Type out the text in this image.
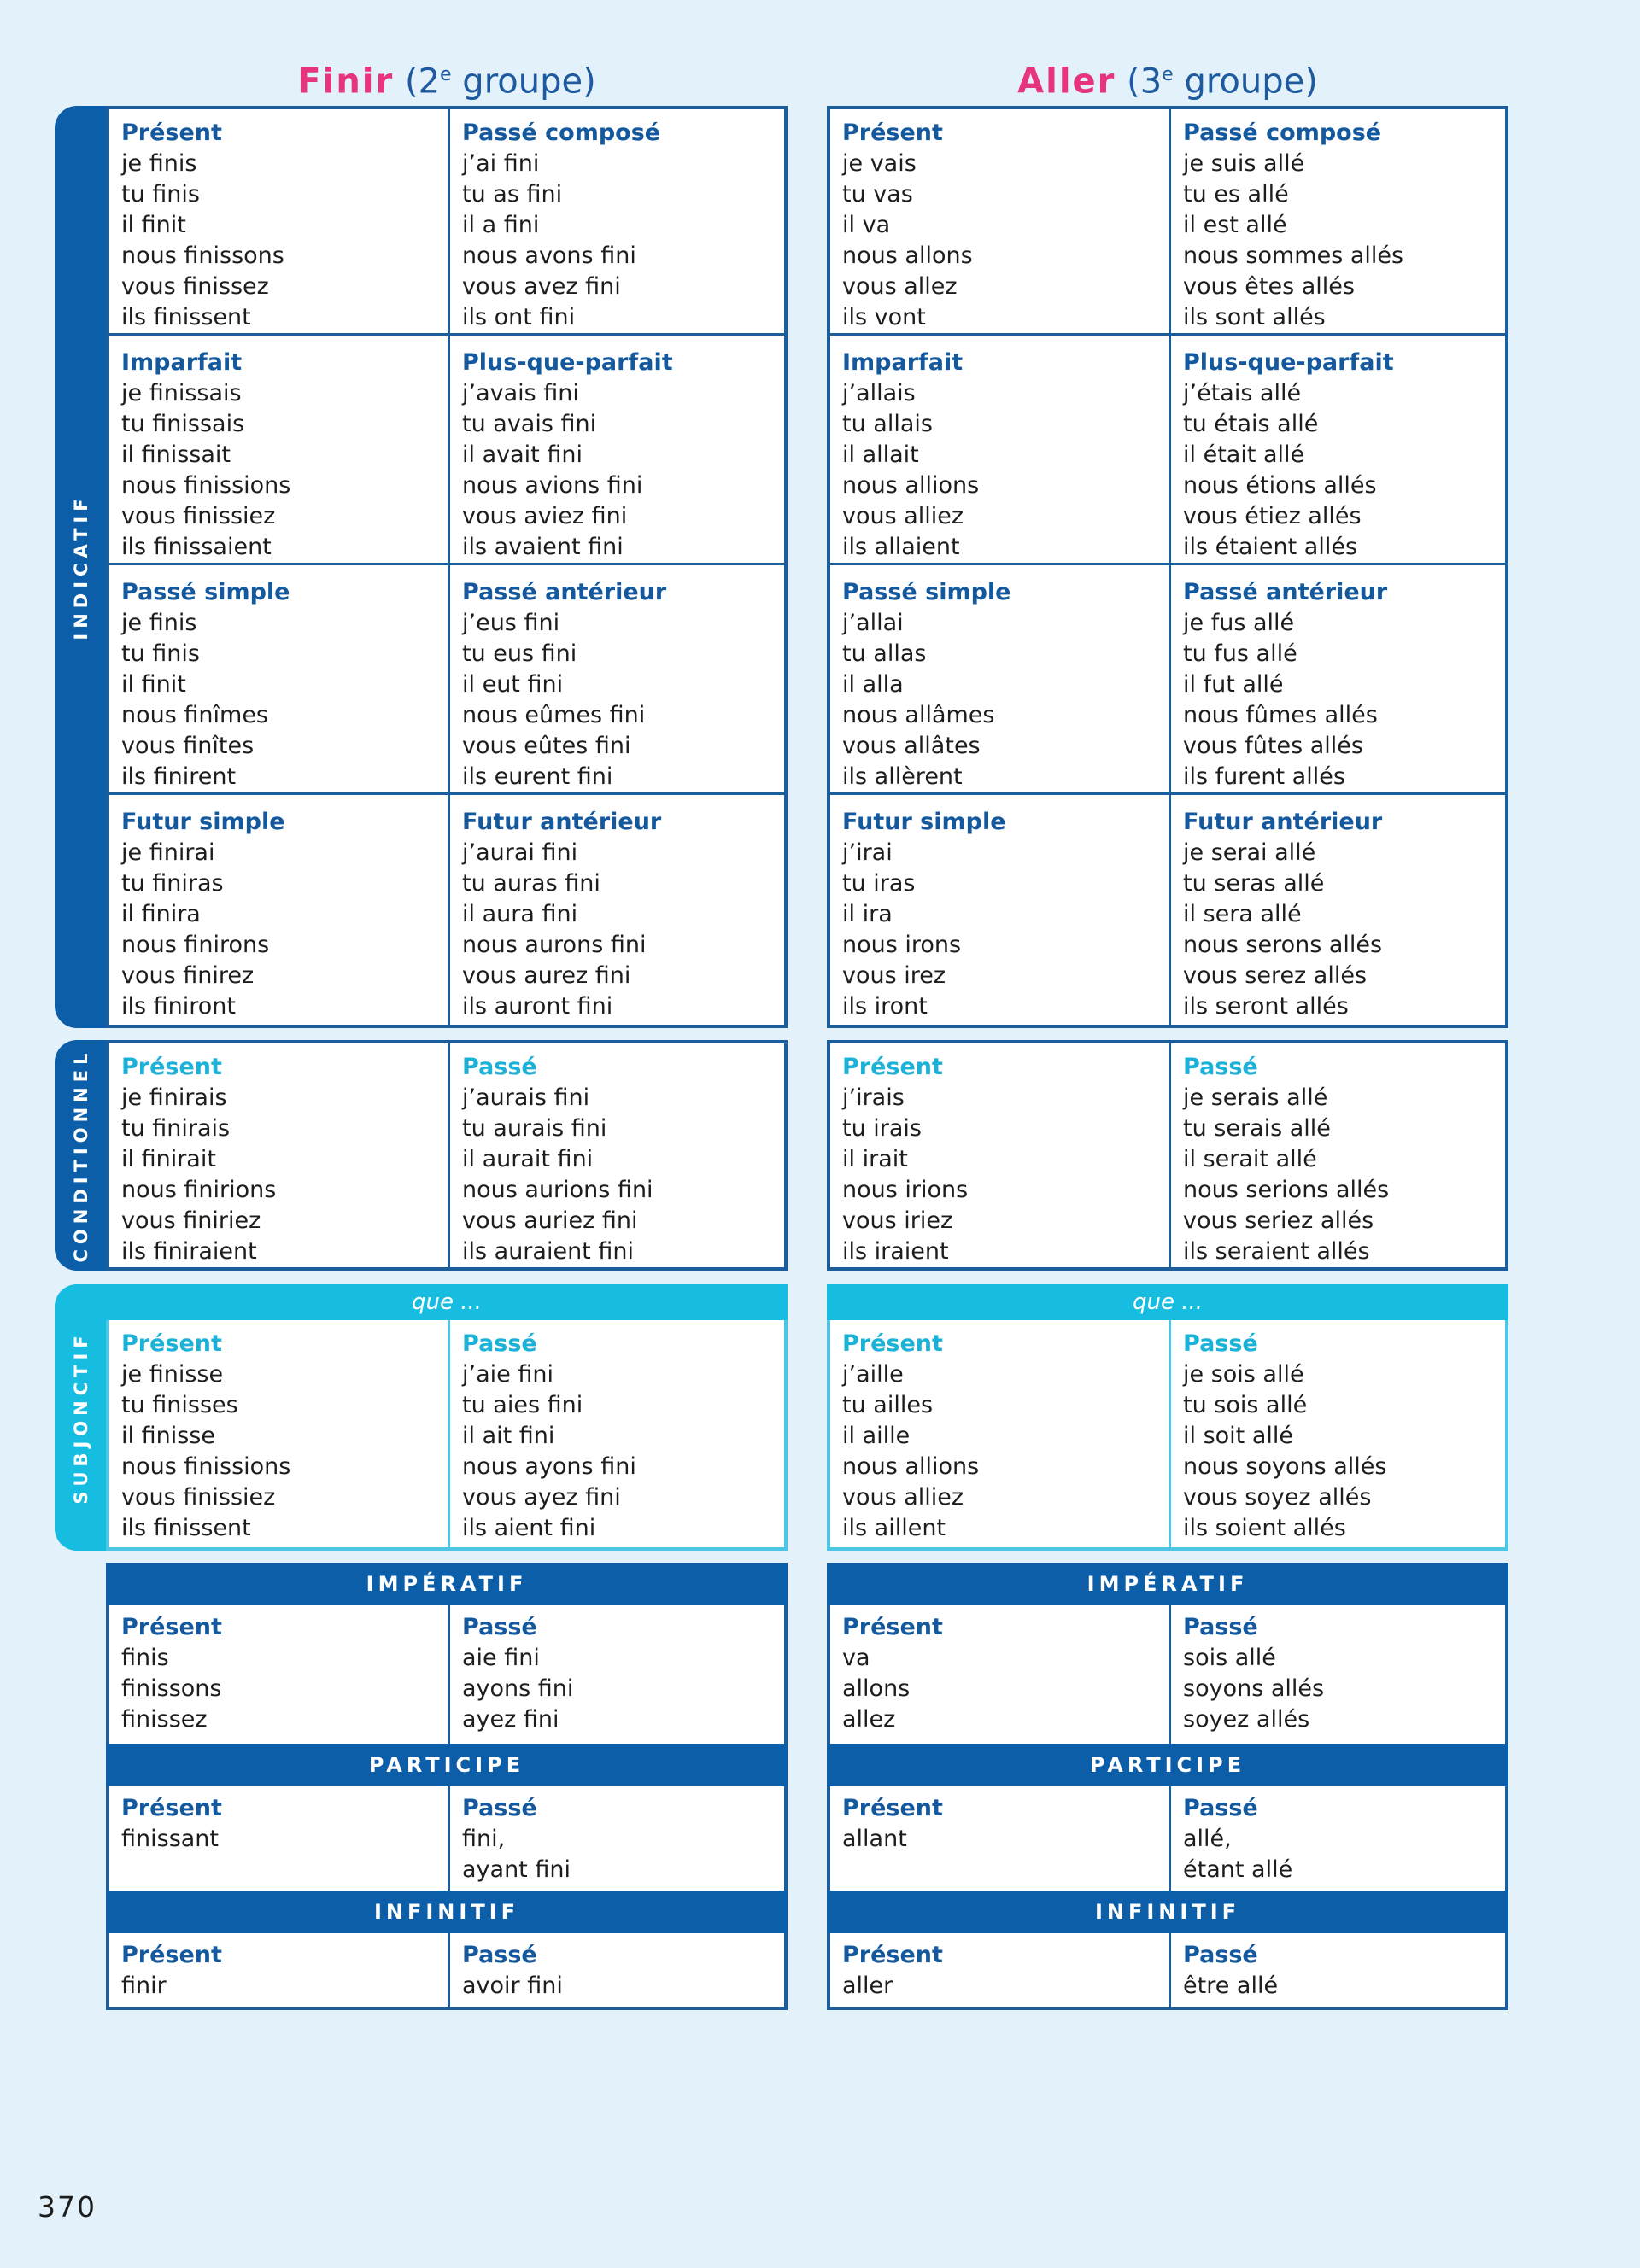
INDICATIF
CONDITIONNEL
SUBJONCTIF
Finir (2e groupe)
Présent
je finis
tu finis
il finit
nous finissons
vous finissez
ils finissent
Passé composé
j’ai fini
tu as fini
il a fini
nous avons fini
vous avez fini
ils ont fini
Imparfait
je finissais
tu finissais
il finissait
nous finissions
vous finissiez
ils finissaient
Plus-que-parfait
j’avais fini
tu avais fini
il avait fini
nous avions fini
vous aviez fini
ils avaient fini
Passé simple
je finis
tu finis
il finit
nous finîmes
vous finîtes
ils finirent
Passé antérieur
j’eus fini
tu eus fini
il eut fini
nous eûmes fini
vous eûtes fini
ils eurent fini
Futur simple
je finirai
tu finiras
il finira
nous finirons
vous finirez
ils finiront
Futur antérieur
j’aurai fini
tu auras fini
il aura fini
nous aurons fini
vous aurez fini
ils auront fini
Présent
je finirais
tu finirais
il finirait
nous finirions
vous finiriez
ils finiraient
Passé
j’aurais fini
tu aurais fini
il aurait fini
nous aurions fini
vous auriez fini
ils auraient fini
que ...
Présent
je finisse
tu finisses
il finisse
nous finissions
vous finissiez
ils finissent
Passé
j’aie fini
tu aies fini
il ait fini
nous ayons fini
vous ayez fini
ils aient fini
IMPÉRATIF
Présent
finis
finissons
finissez
Passé
aie fini
ayons fini
ayez fini
PARTICIPE
Présent
finissant
Passé
fini,
ayant fini
INFINITIF
Présent
finir
Passé
avoir fini
Aller (3e groupe)
Présent
je vais
tu vas
il va
nous allons
vous allez
ils vont
Passé composé
je suis allé
tu es allé
il est allé
nous sommes allés
vous êtes allés
ils sont allés
Imparfait
j’allais
tu allais
il allait
nous allions
vous alliez
ils allaient
Plus-que-parfait
j’étais allé
tu étais allé
il était allé
nous étions allés
vous étiez allés
ils étaient allés
Passé simple
j’allai
tu allas
il alla
nous allâmes
vous allâtes
ils allèrent
Passé antérieur
je fus allé
tu fus allé
il fut allé
nous fûmes allés
vous fûtes allés
ils furent allés
Futur simple
j’irai
tu iras
il ira
nous irons
vous irez
ils iront
Futur antérieur
je serai allé
tu seras allé
il sera allé
nous serons allés
vous serez allés
ils seront allés
Présent
j’irais
tu irais
il irait
nous irions
vous iriez
ils iraient
Passé
je serais allé
tu serais allé
il serait allé
nous serions allés
vous seriez allés
ils seraient allés
que ...
Présent
j’aille
tu ailles
il aille
nous allions
vous alliez
ils aillent
Passé
je sois allé
tu sois allé
il soit allé
nous soyons allés
vous soyez allés
ils soient allés
IMPÉRATIF
Présent
va
allons
allez
Passé
sois allé
soyons allés
soyez allés
PARTICIPE
Présent
allant
Passé
allé,
étant allé
INFINITIF
Présent
aller
Passé
être allé
370
